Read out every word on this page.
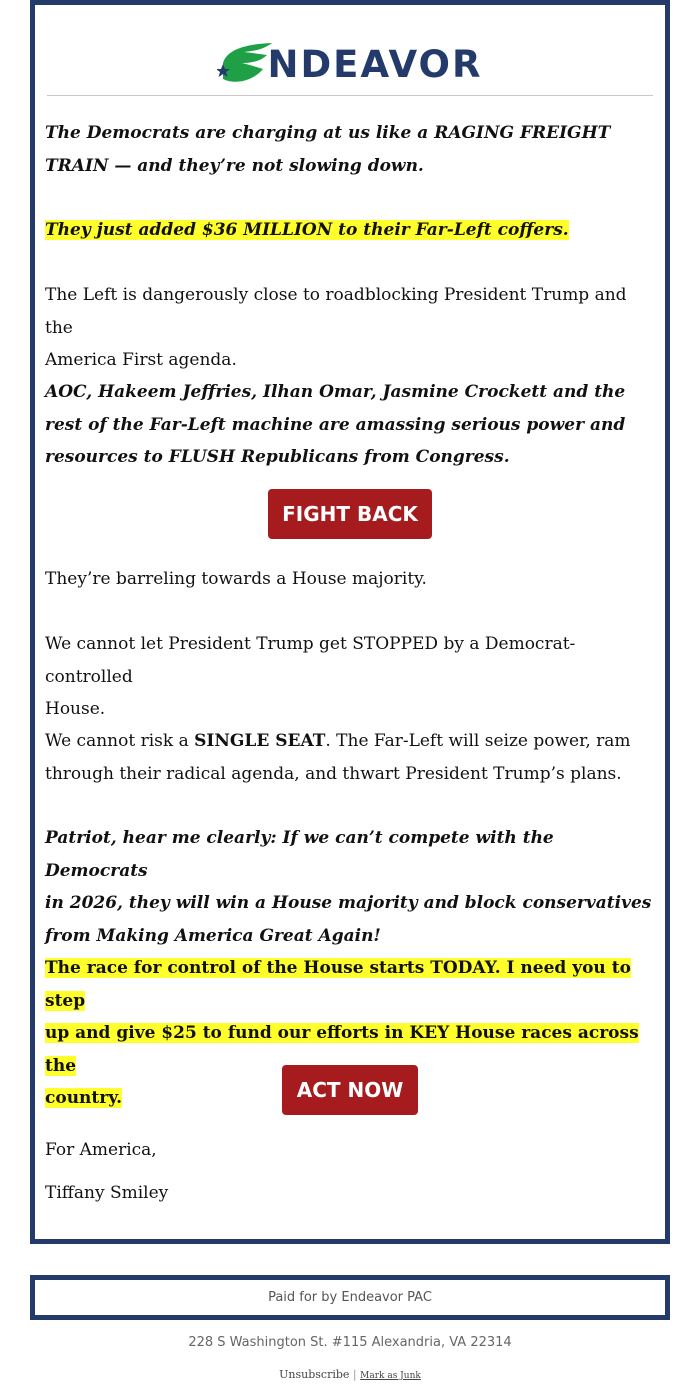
NDEAVOR

The Democrats are charging at us like a RAGING FREIGHT
TRAIN — and they’re not slowing down.

They just added $36 MILLION to their Far-Left coffers.

The Left is dangerously close to roadblocking President Trump and the
America First agenda.

AOC, Hakeem Jeffries, Ilhan Omar, Jasmine Crockett and the
rest of the Far-Left machine are amassing serious power and
resources to FLUSH Republicans from Congress.

FIGHT BACK

They’re barreling towards a House majority.

We cannot let President Trump get STOPPED by a Democrat-controlled
House.

We cannot risk a SINGLE SEAT. The Far-Left will seize power, ram
through their radical agenda, and thwart President Trump’s plans.

Patriot, hear me clearly: If we can’t compete with the Democrats
in 2026, they will win a House majority and block conservatives
from Making America Great Again!

The race for control of the House starts TODAY. I need you to step
up and give $25 to fund our efforts in KEY House races across the
country.	ACT NOW

For America,

Tiffany Smiley

Paid for by Endeavor PAC
228 S Washington St. #115 Alexandria, VA 22314
Unsubscribe | Mark as Junk
